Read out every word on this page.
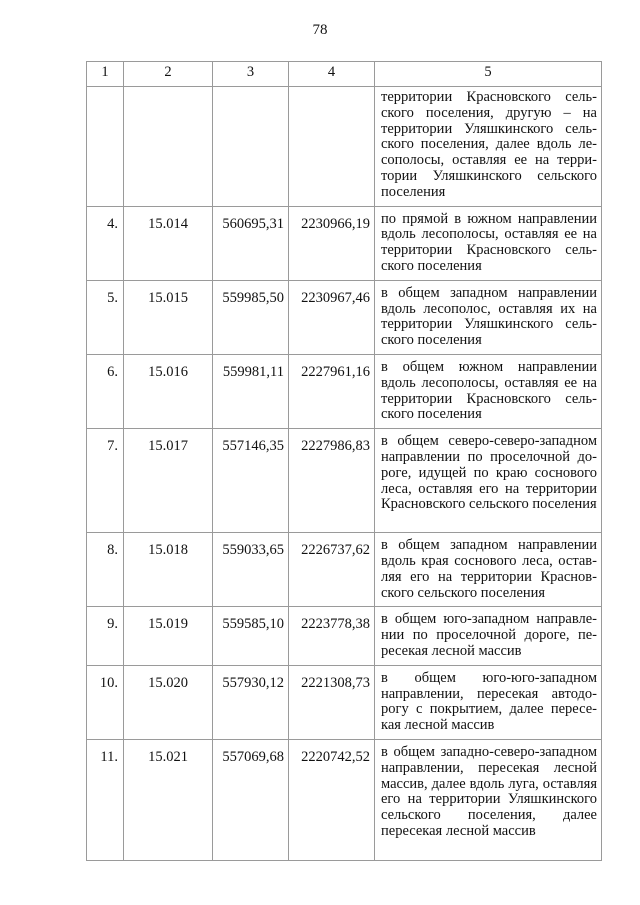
78
1	2	3	4	5
				территории Красновского сельского поселения, другую – на территории Уляшкинского сельского поселения, далее вдоль лесополосы, оставляя ее на территории Уляшкинского сельского поселения
4.	15.014	560695,31	2230966,19	по прямой в южном направлении вдоль лесополосы, оставляя ее на территории Красновского сельского поселения
5.	15.015	559985,50	2230967,46	в общем западном направлении вдоль лесополос, оставляя их на территории Уляшкинского сельского поселения
6.	15.016	559981,11	2227961,16	в общем южном направлении вдоль лесополосы, оставляя ее на территории Красновского сельского поселения
7.	15.017	557146,35	2227986,83	в общем северо-северо-западном направлении по проселочной дороге, идущей по краю соснового леса, оставляя его на территории Красновского сельского поселения
8.	15.018	559033,65	2226737,62	в общем западном направлении вдоль края соснового леса, оставляя его на территории Красновского сельского поселения
9.	15.019	559585,10	2223778,38	в общем юго-западном направлении по проселочной дороге, пересекая лесной массив
10.	15.020	557930,12	2221308,73	в общем юго-юго-западном направлении, пересекая автодорогу с покрытием, далее пересекая лесной массив
11.	15.021	557069,68	2220742,52	в общем западно-северо-западном направлении, пересекая лесной массив, далее вдоль луга, оставляя его на территории Уляшкинского сельского поселения, далее пересекая лесной массив
